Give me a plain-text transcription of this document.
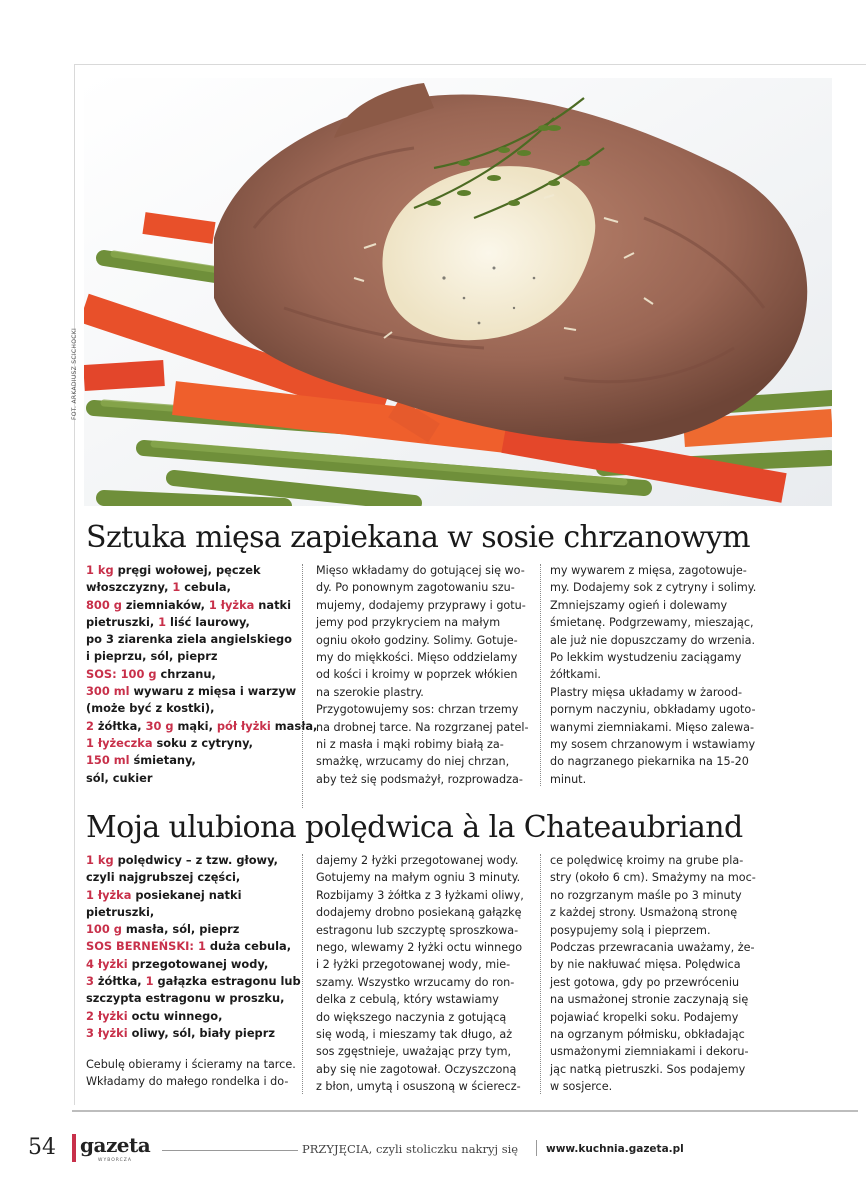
FOT. ARKADIUSZ SCICHOCKI
Sztuka mięsa zapiekana w sosie chrzanowym
1 kg pręgi wołowej, pęczek
włoszczyzny, 1 cebula,
800 g ziemniaków, 1 łyżka natki
pietruszki, 1 liść laurowy,
po 3 ziarenka ziela angielskiego
i pieprzu, sól, pieprz
SOS: 100 g chrzanu,
300 ml wywaru z mięsa i warzyw
(może być z kostki),
2 żółtka, 30 g mąki, pół łyżki masła,
1 łyżeczka soku z cytryny,
150 ml śmietany,
sól, cukier

Mięso wkładamy do gotującej się wo-

dy. Po ponownym zagotowaniu szu-

mujemy, dodajemy przyprawy i gotu-

jemy pod przykryciem na małym

ogniu około godziny. Solimy. Gotuje-

my do miękkości. Mięso oddzielamy

od kości i kroimy w poprzek włókien

na szerokie plastry.

Przygotowujemy sos: chrzan trzemy

na drobnej tarce. Na rozgrzanej patel-

ni z masła i mąki robimy białą za-

smażkę, wrzucamy do niej chrzan,

aby też się podsmażył, rozprowadza-

my wywarem z mięsa, zagotowuje-

my. Dodajemy sok z cytryny i solimy.

Zmniejszamy ogień i dolewamy

śmietanę. Podgrzewamy, mieszając,

ale już nie dopuszczamy do wrzenia.

Po lekkim wystudzeniu zaciągamy

żółtkami.

Plastry mięsa układamy w żarood-

pornym naczyniu, obkładamy ugoto-

wanymi ziemniakami. Mięso zalewa-

my sosem chrzanowym i wstawiamy

do nagrzanego piekarnika na 15-20

minut.

Moja ulubiona polędwica à la Chateaubriand
1 kg polędwicy – z tzw. głowy,
czyli najgrubszej części,
1 łyżka posiekanej natki
pietruszki,
100 g masła, sól, pieprz
SOS BERNEŃSKI: 1 duża cebula,
4 łyżki przegotowanej wody,
3 żółtka, 1 gałązka estragonu lub
szczypta estragonu w proszku,
2 łyżki octu winnego,
3 łyżki oliwy, sól, biały pieprz

Cebulę obieramy i ścieramy na tarce.

Wkładamy do małego rondelka i do-

dajemy 2 łyżki przegotowanej wody.

Gotujemy na małym ogniu 3 minuty.

Rozbijamy 3 żółtka z 3 łyżkami oliwy,

dodajemy drobno posiekaną gałązkę

estragonu lub szczyptę sproszkowa-

nego, wlewamy 2 łyżki octu winnego

i 2 łyżki przegotowanej wody, mie-

szamy. Wszystko wrzucamy do ron-

delka z cebulą, który wstawiamy

do większego naczynia z gotującą

się wodą, i mieszamy tak długo, aż

sos zgęstnieje, uważając przy tym,

aby się nie zagotował. Oczyszczoną

z błon, umytą i osuszoną w ścierecz-

ce polędwicę kroimy na grube pla-

stry (około 6 cm). Smażymy na moc-

no rozgrzanym maśle po 3 minuty

z każdej strony. Usmażoną stronę

posypujemy solą i pieprzem.

Podczas przewracania uważamy, że-

by nie nakłuwać mięsa. Polędwica

jest gotowa, gdy po przewróceniu

na usmażonej stronie zaczynają się

pojawiać kropelki soku. Podajemy

na ogrzanym półmisku, obkładając

usmażonymi ziemniakami i dekoru-

jąc natką pietruszki. Sos podajemy

w sosjerce.

54 gazeta
WYBORCZA
PRZYJĘCIA, czyli stoliczku nakryj się	www.kuchnia.gazeta.pl
